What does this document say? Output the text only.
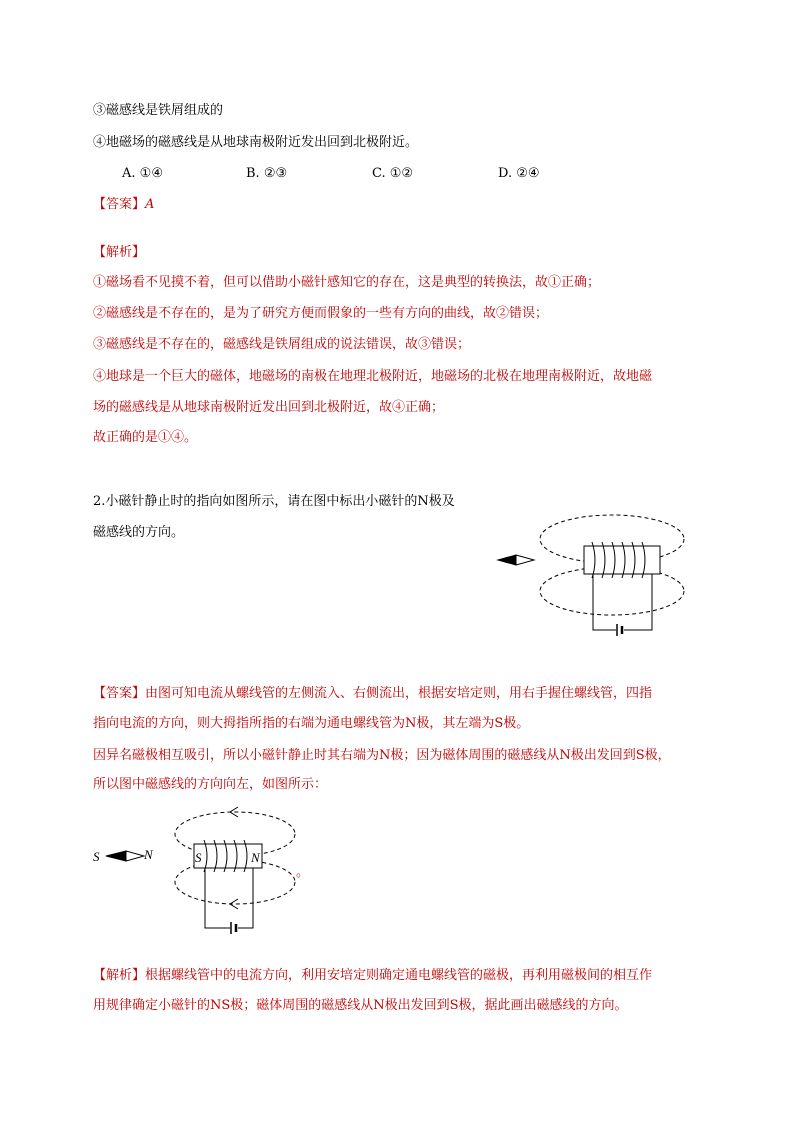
③磁感线是铁屑组成的
④地磁场的磁感线是从地球南极附近发出回到北极附近。
A. ①④	B. ②③	C. ①②	D. ②④
【答案】A
【解析】
①磁场看不见摸不着，但可以借助小磁针感知它的存在，这是典型的转换法，故①正确；
②磁感线是不存在的，是为了研究方便而假象的一些有方向的曲线，故②错误；
③磁感线是不存在的，磁感线是铁屑组成的说法错误，故③错误；
④地球是一个巨大的磁体，地磁场的南极在地理北极附近，地磁场的北极在地理南极附近，故地磁
场的磁感线是从地球南极附近发出回到北极附近，故④正确；
故正确的是①④。
2.小磁针静止时的指向如图所示，请在图中标出小磁针的N极及
磁感线的方向。
【答案】由图可知电流从螺线管的左侧流入、右侧流出，根据安培定则，用右手握住螺线管，四指
指向电流的方向，则大拇指所指的右端为通电螺线管为N极，其左端为S极。
因异名磁极相互吸引，所以小磁针静止时其右端为N极；因为磁体周围的磁感线从N极出发回到S极，
所以图中磁感线的方向向左，如图所示：
S	N
S	N
。
【解析】根据螺线管中的电流方向，利用安培定则确定通电螺线管的磁极，再利用磁极间的相互作
用规律确定小磁针的NS极；磁体周围的磁感线从N极出发回到S极，据此画出磁感线的方向。
